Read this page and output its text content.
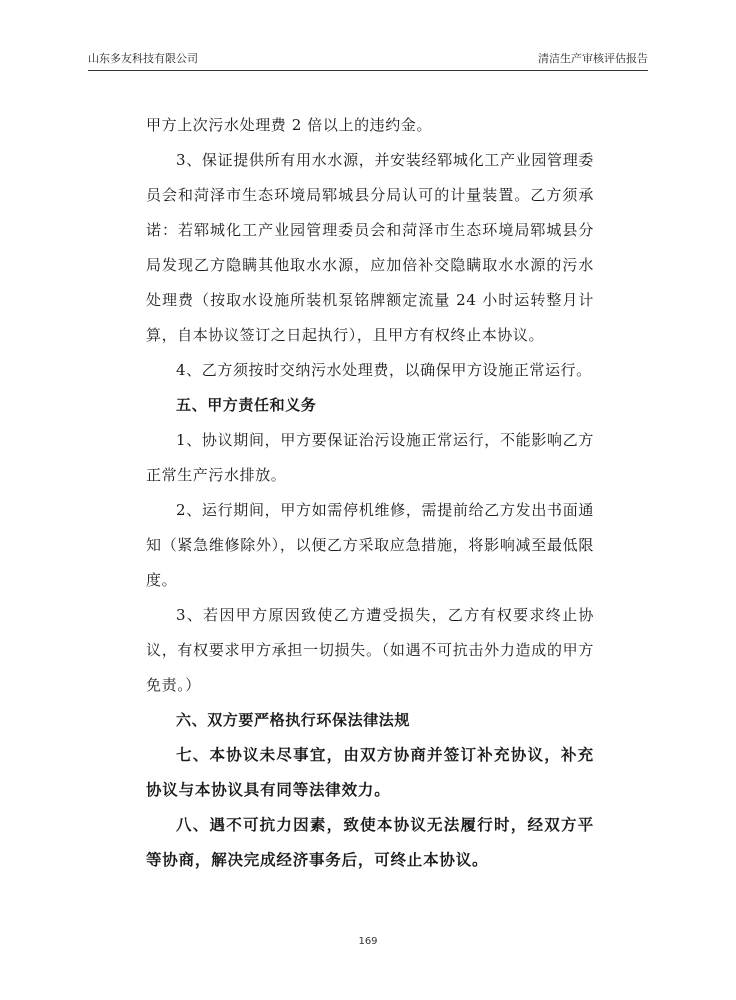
山东多友科技有限公司	清洁生产审核评估报告

甲方上次污水处理费 2 倍以上的违约金。

3、保证提供所有用水水源，并安装经郓城化工产业园管理委员会和菏泽市生态环境局郓城县分局认可的计量装置。乙方须承诺：若郓城化工产业园管理委员会和菏泽市生态环境局郓城县分局发现乙方隐瞒其他取水水源，应加倍补交隐瞒取水水源的污水处理费（按取水设施所装机泵铭牌额定流量 24 小时运转整月计算，自本协议签订之日起执行），且甲方有权终止本协议。

4、乙方须按时交纳污水处理费，以确保甲方设施正常运行。

五、甲方责任和义务

1、协议期间，甲方要保证治污设施正常运行，不能影响乙方正常生产污水排放。

2、运行期间，甲方如需停机维修，需提前给乙方发出书面通知（紧急维修除外），以便乙方采取应急措施，将影响减至最低限度。

3、若因甲方原因致使乙方遭受损失，乙方有权要求终止协议，有权要求甲方承担一切损失。（如遇不可抗击外力造成的甲方免责。）

六、双方要严格执行环保法律法规

七、本协议未尽事宜，由双方协商并签订补充协议，补充协议与本协议具有同等法律效力。

八、遇不可抗力因素，致使本协议无法履行时，经双方平等协商，解决完成经济事务后，可终止本协议。

169
